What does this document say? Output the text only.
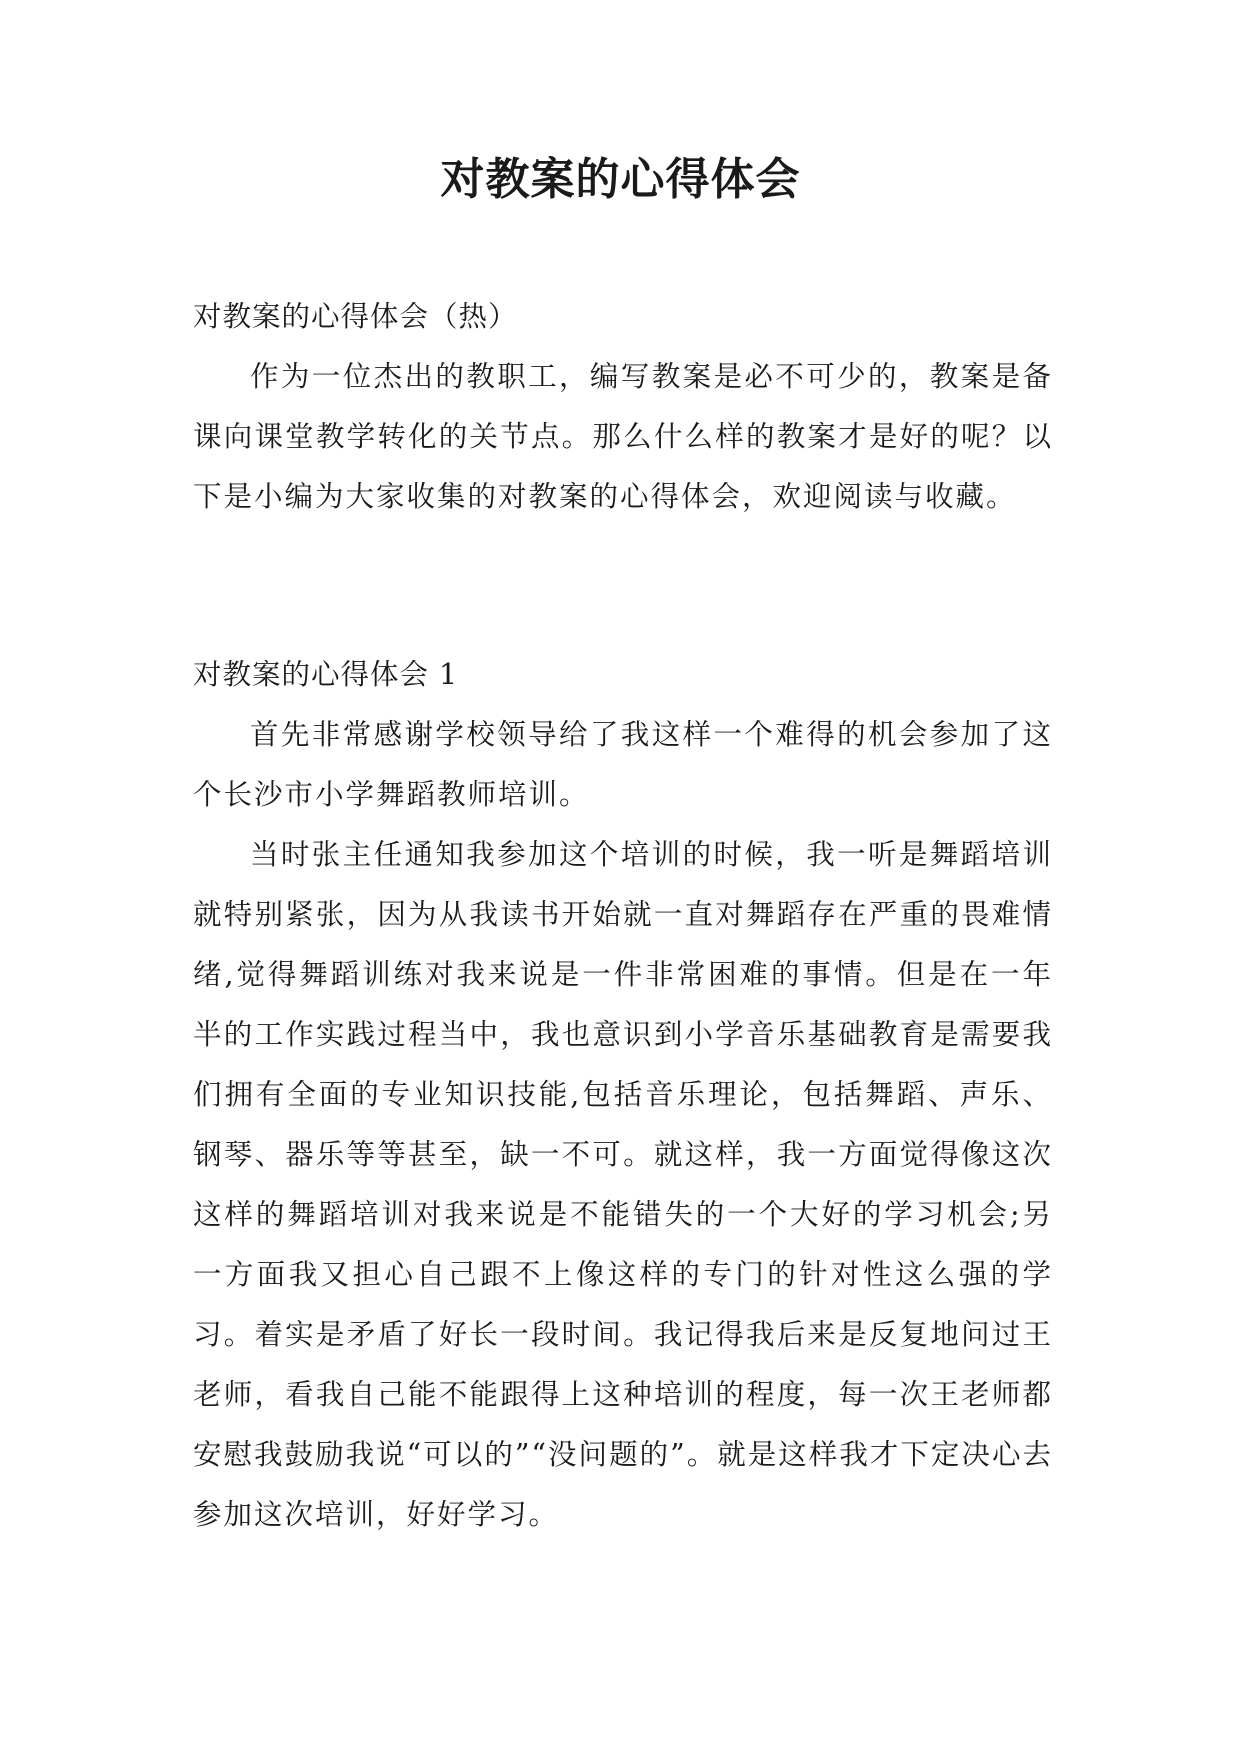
对教案的心得体会

对教案的心得体会（热）

作为一位杰出的教职工，编写教案是必不可少的，教案是备课向课堂教学转化的关节点。那么什么样的教案才是好的呢？以下是小编为大家收集的对教案的心得体会，欢迎阅读与收藏。

对教案的心得体会 1

首先非常感谢学校领导给了我这样一个难得的机会参加了这个长沙市小学舞蹈教师培训。

当时张主任通知我参加这个培训的时候，我一听是舞蹈培训就特别紧张，因为从我读书开始就一直对舞蹈存在严重的畏难情绪,觉得舞蹈训练对我来说是一件非常困难的事情。但是在一年半的工作实践过程当中，我也意识到小学音乐基础教育是需要我们拥有全面的专业知识技能,包括音乐理论，包括舞蹈、声乐、钢琴、器乐等等甚至，缺一不可。就这样，我一方面觉得像这次这样的舞蹈培训对我来说是不能错失的一个大好的学习机会;另一方面我又担心自己跟不上像这样的专门的针对性这么强的学习。着实是矛盾了好长一段时间。我记得我后来是反复地问过王老师，看我自己能不能跟得上这种培训的程度，每一次王老师都安慰我鼓励我说“可以的”“没问题的”。就是这样我才下定决心去参加这次培训，好好学习。
